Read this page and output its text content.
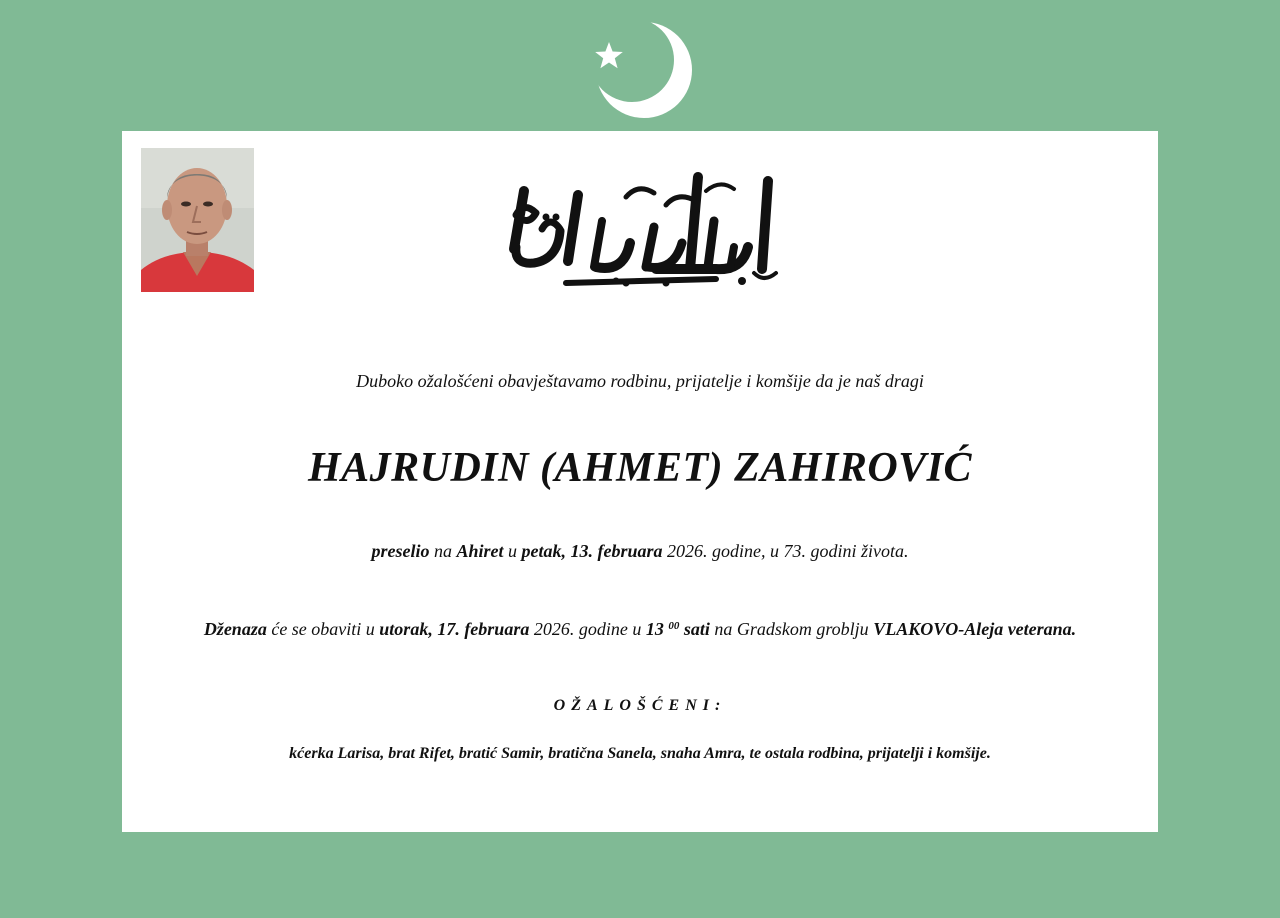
Duboko ožalošćeni obavještavamo rodbinu, prijatelje i komšije da je naš dragi
HAJRUDIN (AHMET) ZAHIROVIĆ
preselio na Ahiret u petak, 13. februara 2026. godine, u 73. godini života.
Dženaza će se obaviti u utorak, 17. februara 2026. godine u 13 $^{00}$ sati na Gradskom groblju VLAKOVO-Aleja veterana.
OŽALOŠĆENI:
kćerka Larisa, brat Rifet, bratić Samir, bratična Sanela, snaha Amra, te ostala rodbina, prijatelji i komšije.
